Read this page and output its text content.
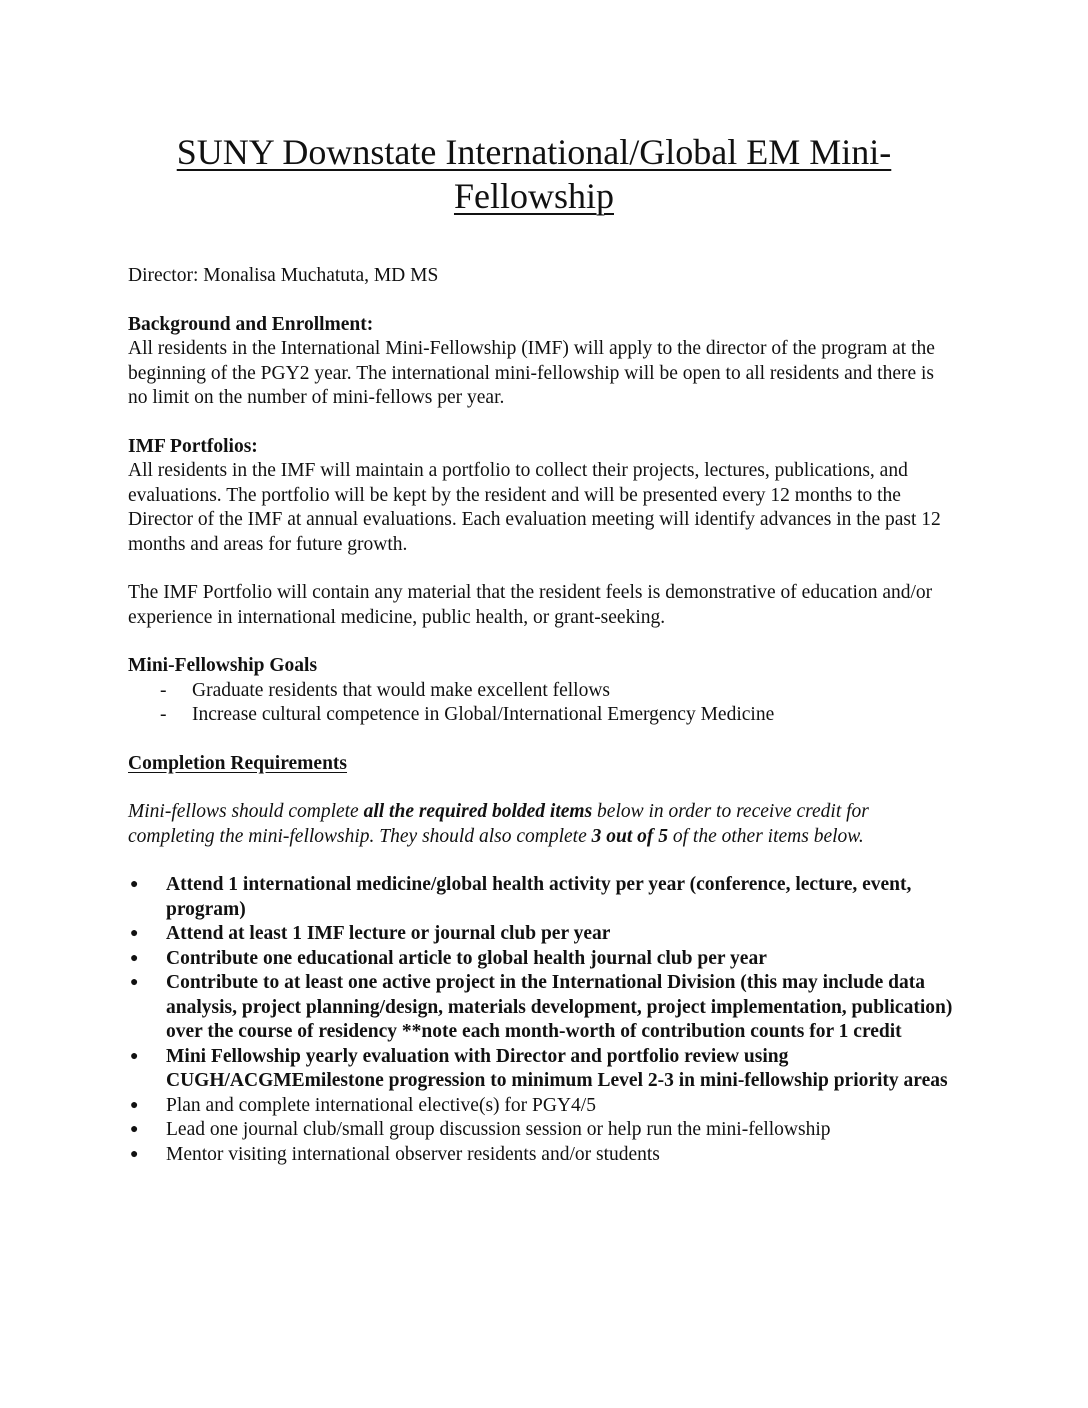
SUNY Downstate International/Global EM Mini-Fellowship

Director: Monalisa Muchatuta, MD MS

Background and Enrollment:

All residents in the International Mini-Fellowship (IMF) will apply to the director of the program at the beginning of the PGY2 year. The international mini-fellowship will be open to all residents and there is no limit on the number of mini-fellows per year.

IMF Portfolios:

All residents in the IMF will maintain a portfolio to collect their projects, lectures, publications, and evaluations. The portfolio will be kept by the resident and will be presented every 12 months to the Director of the IMF at annual evaluations. Each evaluation meeting will identify advances in the past 12 months and areas for future growth.

The IMF Portfolio will contain any material that the resident feels is demonstrative of education and/or experience in international medicine, public health, or grant-seeking.

Mini-Fellowship Goals

- Graduate residents that would make excellent fellows
- Increase cultural competence in Global/International Emergency Medicine

Completion Requirements

Mini-fellows should complete all the required bolded items below in order to receive credit for completing the mini-fellowship. They should also complete 3 out of 5 of the other items below.

● Attend 1 international medicine/global health activity per year (conference, lecture, event, program)
● Attend at least 1 IMF lecture or journal club per year
● Contribute one educational article to global health journal club per year
● Contribute to at least one active project in the International Division (this may include data analysis, project planning/design, materials development, project implementation, publication) over the course of residency **note each month-worth of contribution counts for 1 credit
● Mini Fellowship yearly evaluation with Director and portfolio review using CUGH/ACGMEmilestone progression to minimum Level 2-3 in mini-fellowship priority areas
● Plan and complete international elective(s) for PGY4/5
● Lead one journal club/small group discussion session or help run the mini-fellowship
● Mentor visiting international observer residents and/or students
